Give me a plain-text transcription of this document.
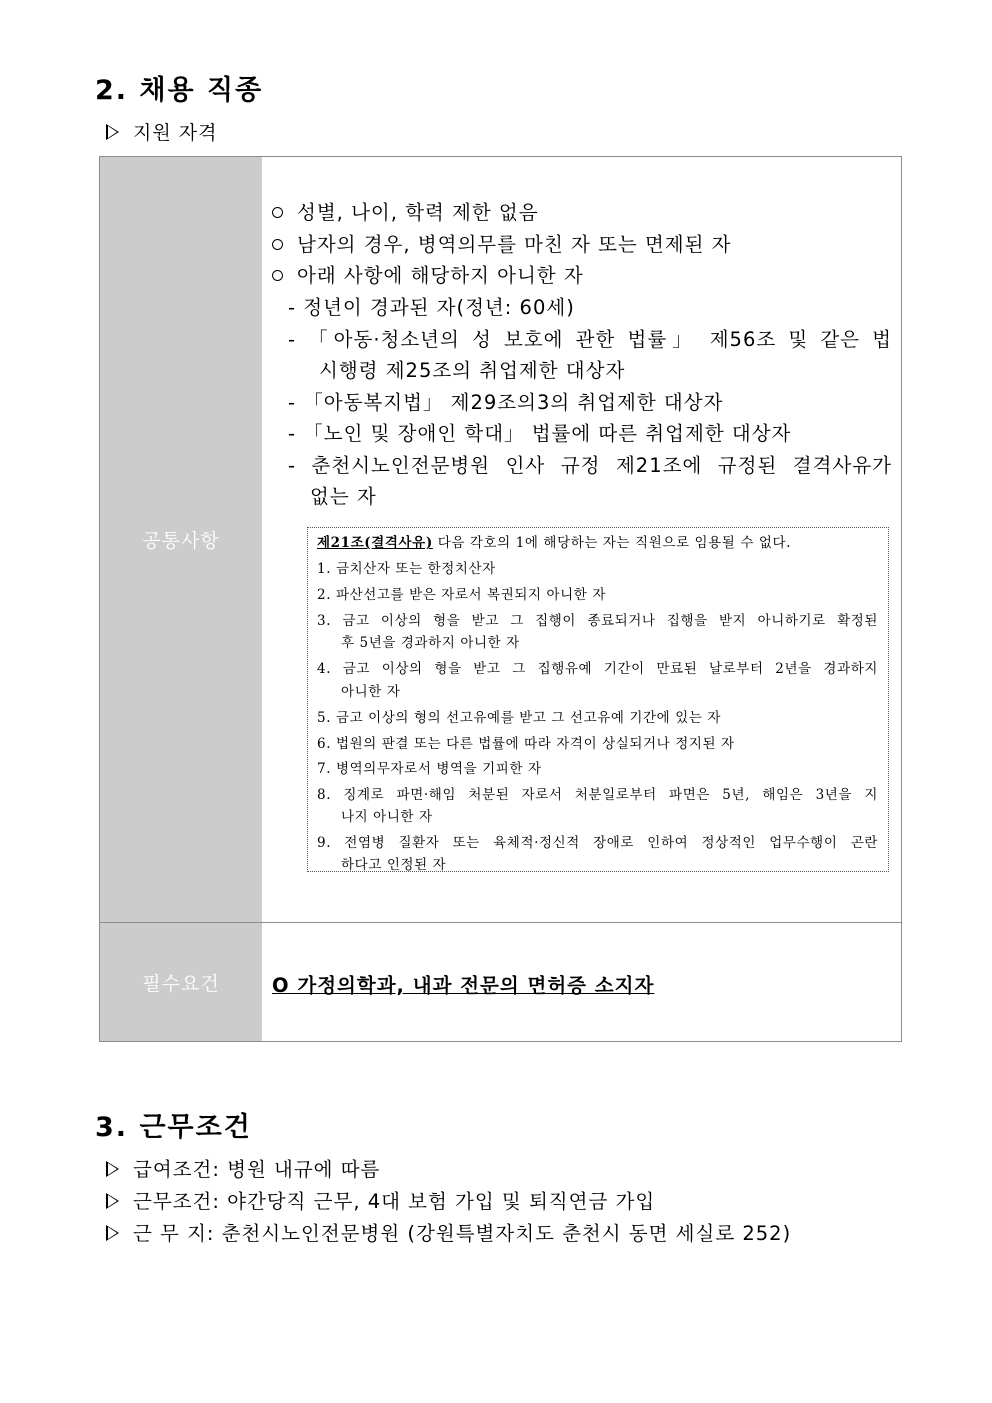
2. 채용 직종
지원 자격
공통사항
필수요건
성별, 나이, 학력 제한 없음
남자의 경우, 병역의무를 마친 자 또는 면제된 자
아래 사항에 해당하지 아니한 자
- 정년이 경과된 자(정년: 60세)
- 「아동·청소년의 성 보호에 관한 법률」 제56조 및 같은 법
시행령 제25조의 취업제한 대상자
- 「아동복지법」 제29조의3의 취업제한 대상자
- 「노인 및 장애인 학대」 법률에 따른 취업제한 대상자
- 춘천시노인전문병원 인사 규정 제21조에 규정된 결격사유가
없는 자
제21조(결격사유) 다음 각호의 1에 해당하는 자는 직원으로 임용될 수 없다.
1. 금치산자 또는 한정치산자
2. 파산선고를 받은 자로서 복권되지 아니한 자
3. 금고 이상의 형을 받고 그 집행이 종료되거나 집행을 받지 아니하기로 확정된
후 5년을 경과하지 아니한 자
4. 금고 이상의 형을 받고 그 집행유예 기간이 만료된 날로부터 2년을 경과하지
아니한 자
5. 금고 이상의 형의 선고유예를 받고 그 선고유예 기간에 있는 자
6. 법원의 판결 또는 다른 법률에 따라 자격이 상실되거나 정지된 자
7. 병역의무자로서 병역을 기피한 자
8. 징계로 파면·해임 처분된 자로서 처분일로부터 파면은 5년, 해임은 3년을 지
나지 아니한 자
9. 전염병 질환자 또는 육체적·정신적 장애로 인하여 정상적인 업무수행이 곤란
하다고 인정된 자
O 가정의학과, 내과 전문의 면허증 소지자
3. 근무조건
급여조건: 병원 내규에 따름
근무조건: 야간당직 근무, 4대 보험 가입 및 퇴직연금 가입
근 무 지: 춘천시노인전문병원 (강원특별자치도 춘천시 동면 세실로 252)
